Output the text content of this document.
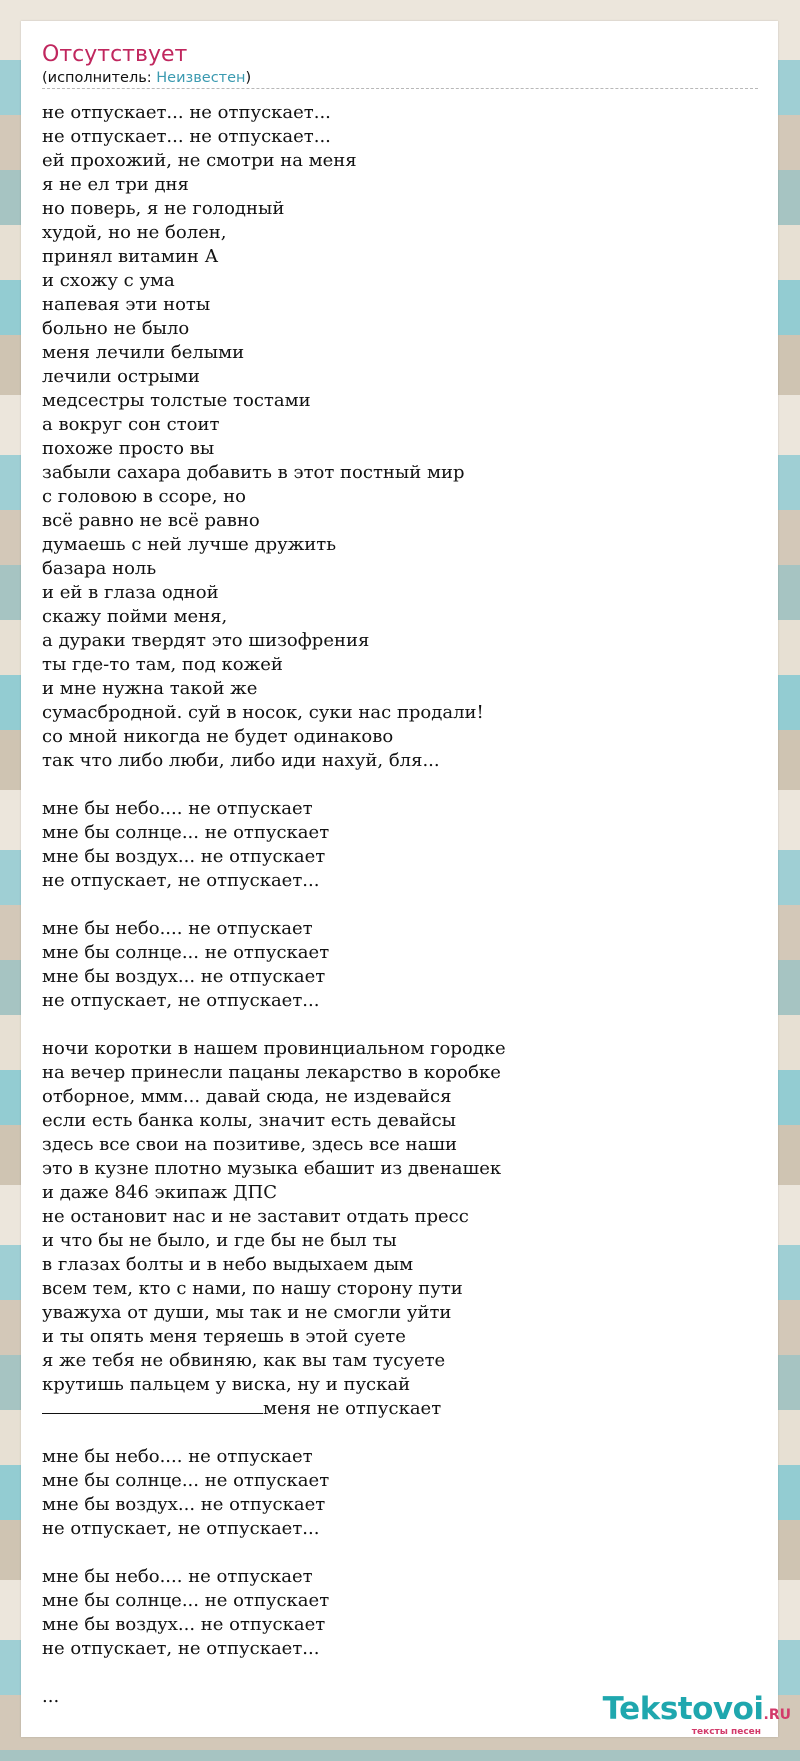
Отсутствует
(исполнитель: Неизвестен)
не отпускает... не отпускает...
не отпускает... не отпускает...
ей прохожий, не смотри на меня
я не ел три дня
но поверь, я не голодный
худой, но не болен,
принял витамин А
и схожу с ума
напевая эти ноты
больно не было
меня лечили белыми
лечили острыми
медсестры толстые тостами
а вокруг сон стоит
похоже просто вы
забыли сахара добавить в этот постный мир
с головою в ссоре, но
всё равно не всё равно
думаешь с ней лучше дружить
базара ноль
и ей в глаза одной
скажу пойми меня,
а дураки твердят это шизофрения
ты где-то там, под кожей
и мне нужна такой же
сумасбродной. суй в носок, суки нас продали!
со мной никогда не будет одинаково
так что либо люби, либо иди нахуй, бля...
мне бы небо.... не отпускает
мне бы солнце... не отпускает
мне бы воздух... не отпускает
не отпускает, не отпускает...
мне бы небо.... не отпускает
мне бы солнце... не отпускает
мне бы воздух... не отпускает
не отпускает, не отпускает...
ночи коротки в нашем провинциальном городке
на вечер принесли пацаны лекарство в коробке
отборное, ммм... давай сюда, не издевайся
если есть банка колы, значит есть девайсы
здесь все свои на позитиве, здесь все наши
это в кузне плотно музыка ебашит из двенашек
и даже 846 экипаж ДПС
не остановит нас и не заставит отдать пресс
и что бы не было, и где бы не был ты
в глазах болты и в небо выдыхаем дым
всем тем, кто с нами, по нашу сторону пути
уважуха от души, мы так и не смогли уйти
и ты опять меня теряешь в этой суете
я же тебя не обвиняю, как вы там тусуете
крутишь пальцем у виска, ну и пускай
меня не отпускает
мне бы небо.... не отпускает
мне бы солнце... не отпускает
мне бы воздух... не отпускает
не отпускает, не отпускает...
мне бы небо.... не отпускает
мне бы солнце... не отпускает
мне бы воздух... не отпускает
не отпускает, не отпускает...
...	Tekstovoi.RU
тексты песен
